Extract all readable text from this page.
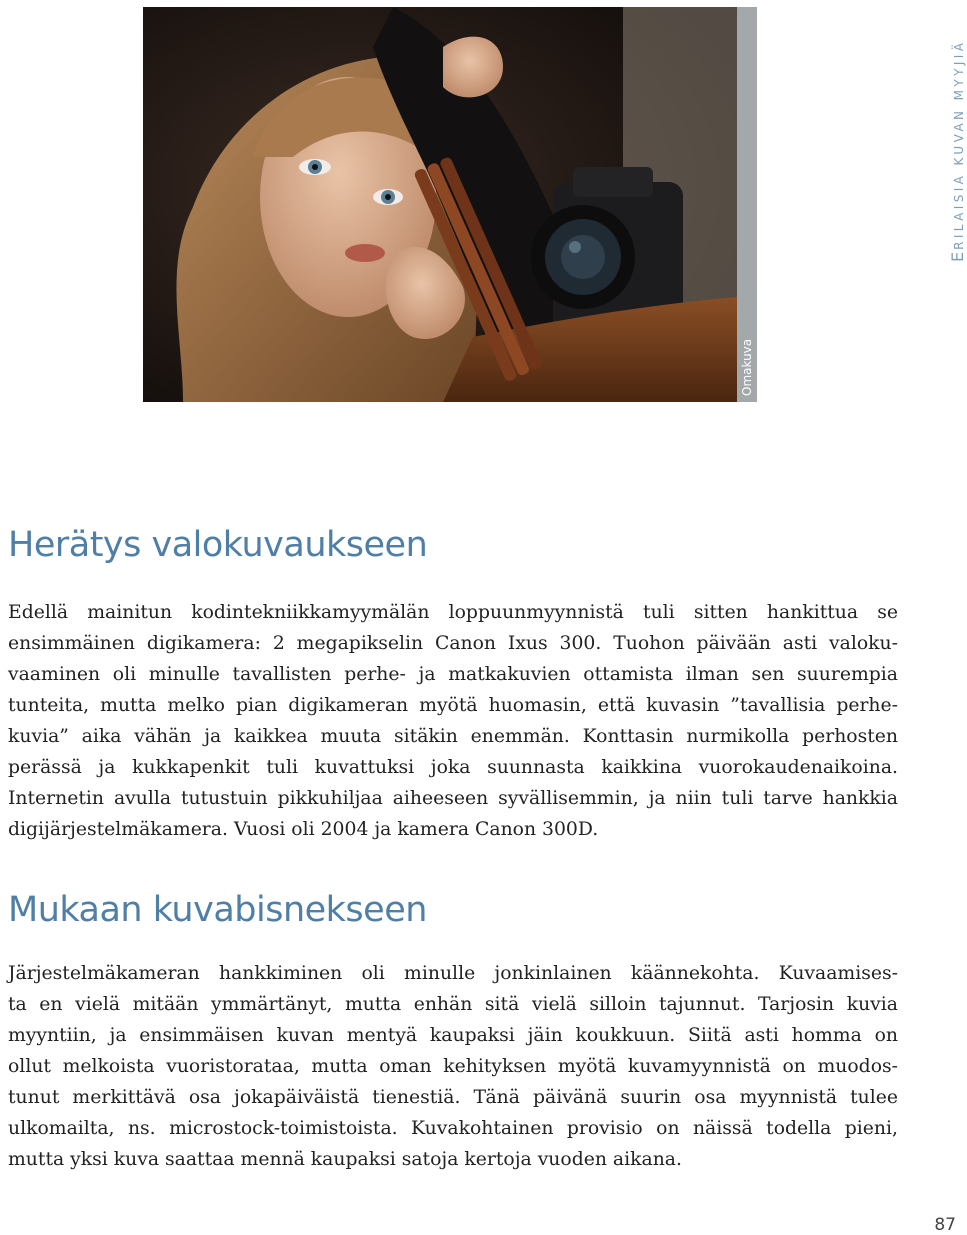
ERILAISIA KUVAN MYYJIÄ
Herätys valokuvaukseen
Edellä mainitun kodintekniikkamyymälän loppuunmyynnistä tuli sitten hankittua se
ensimmäinen digikamera: 2 megapikselin Canon Ixus 300. Tuohon päivään asti valoku-
vaaminen oli minulle tavallisten perhe- ja matkakuvien ottamista ilman sen suurempia
tunteita, mutta melko pian digikameran myötä huomasin, että kuvasin ”tavallisia perhe-
kuvia” aika vähän ja kaikkea muuta sitäkin enemmän. Konttasin nurmikolla perhosten
perässä ja kukkapenkit tuli kuvattuksi joka suunnasta kaikkina vuorokaudenaikoina.
Internetin avulla tutustuin pikkuhiljaa aiheeseen syvällisemmin, ja niin tuli tarve hankkia
digijärjestelmäkamera. Vuosi oli 2004 ja kamera Canon 300D.
Mukaan kuvabisnekseen
Järjestelmäkameran hankkiminen oli minulle jonkinlainen käännekohta. Kuvaamises-
ta en vielä mitään ymmärtänyt, mutta enhän sitä vielä silloin tajunnut. Tarjosin kuvia
myyntiin, ja ensimmäisen kuvan mentyä kaupaksi jäin koukkuun. Siitä asti homma on
ollut melkoista vuoristorataa, mutta oman kehityksen myötä kuvamyynnistä on muodos-
tunut merkittävä osa jokapäiväistä tienestiä. Tänä päivänä suurin osa myynnistä tulee
ulkomailta, ns. microstock-toimistoista. Kuvakohtainen provisio on näissä todella pieni,
mutta yksi kuva saattaa mennä kaupaksi satoja kertoja vuoden aikana.
87
